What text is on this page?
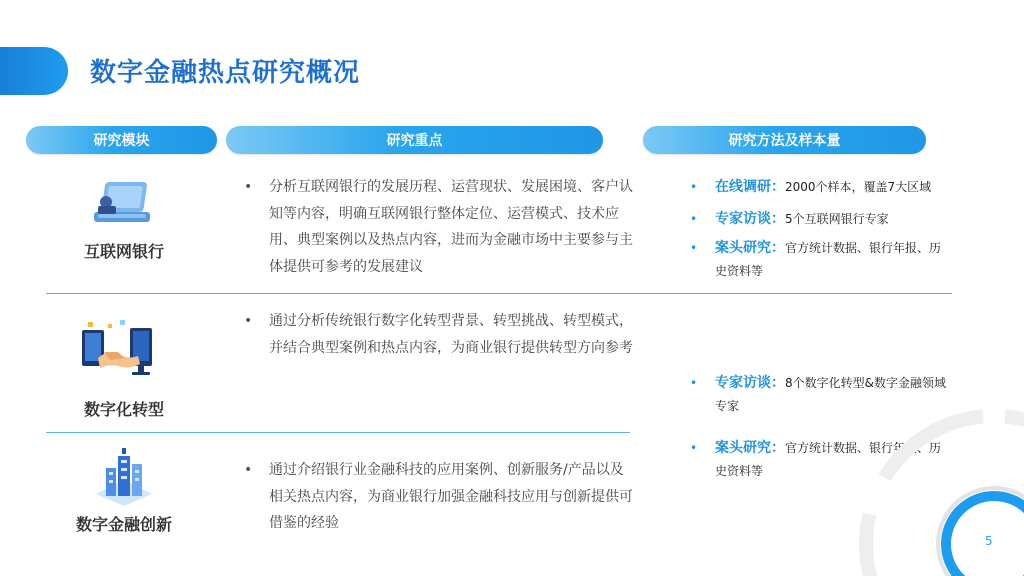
数字金融热点研究概况
研究模块	研究重点	研究方法及样本量
互联网银行
数字化转型
数字金融创新
• 分析互联网银行的发展历程、运营现状、发展困境、客户认知等内容，明确互联网银行整体定位、运营模式、技术应用、典型案例以及热点内容，进而为金融市场中主要参与主体提供可参考的发展建议
• 通过分析传统银行数字化转型背景、转型挑战、转型模式，并结合典型案例和热点内容，为商业银行提供转型方向参考
• 通过介绍银行业金融科技的应用案例、创新服务/产品以及相关热点内容，为商业银行加强金融科技应用与创新提供可借鉴的经验
• 在线调研：2000个样本，覆盖7大区域
• 专家访谈：5个互联网银行专家
• 案头研究：官方统计数据、银行年报、历史资料等
• 专家访谈：8个数字化转型&数字金融领域专家
• 案头研究：官方统计数据、银行年报、历史资料等
5
